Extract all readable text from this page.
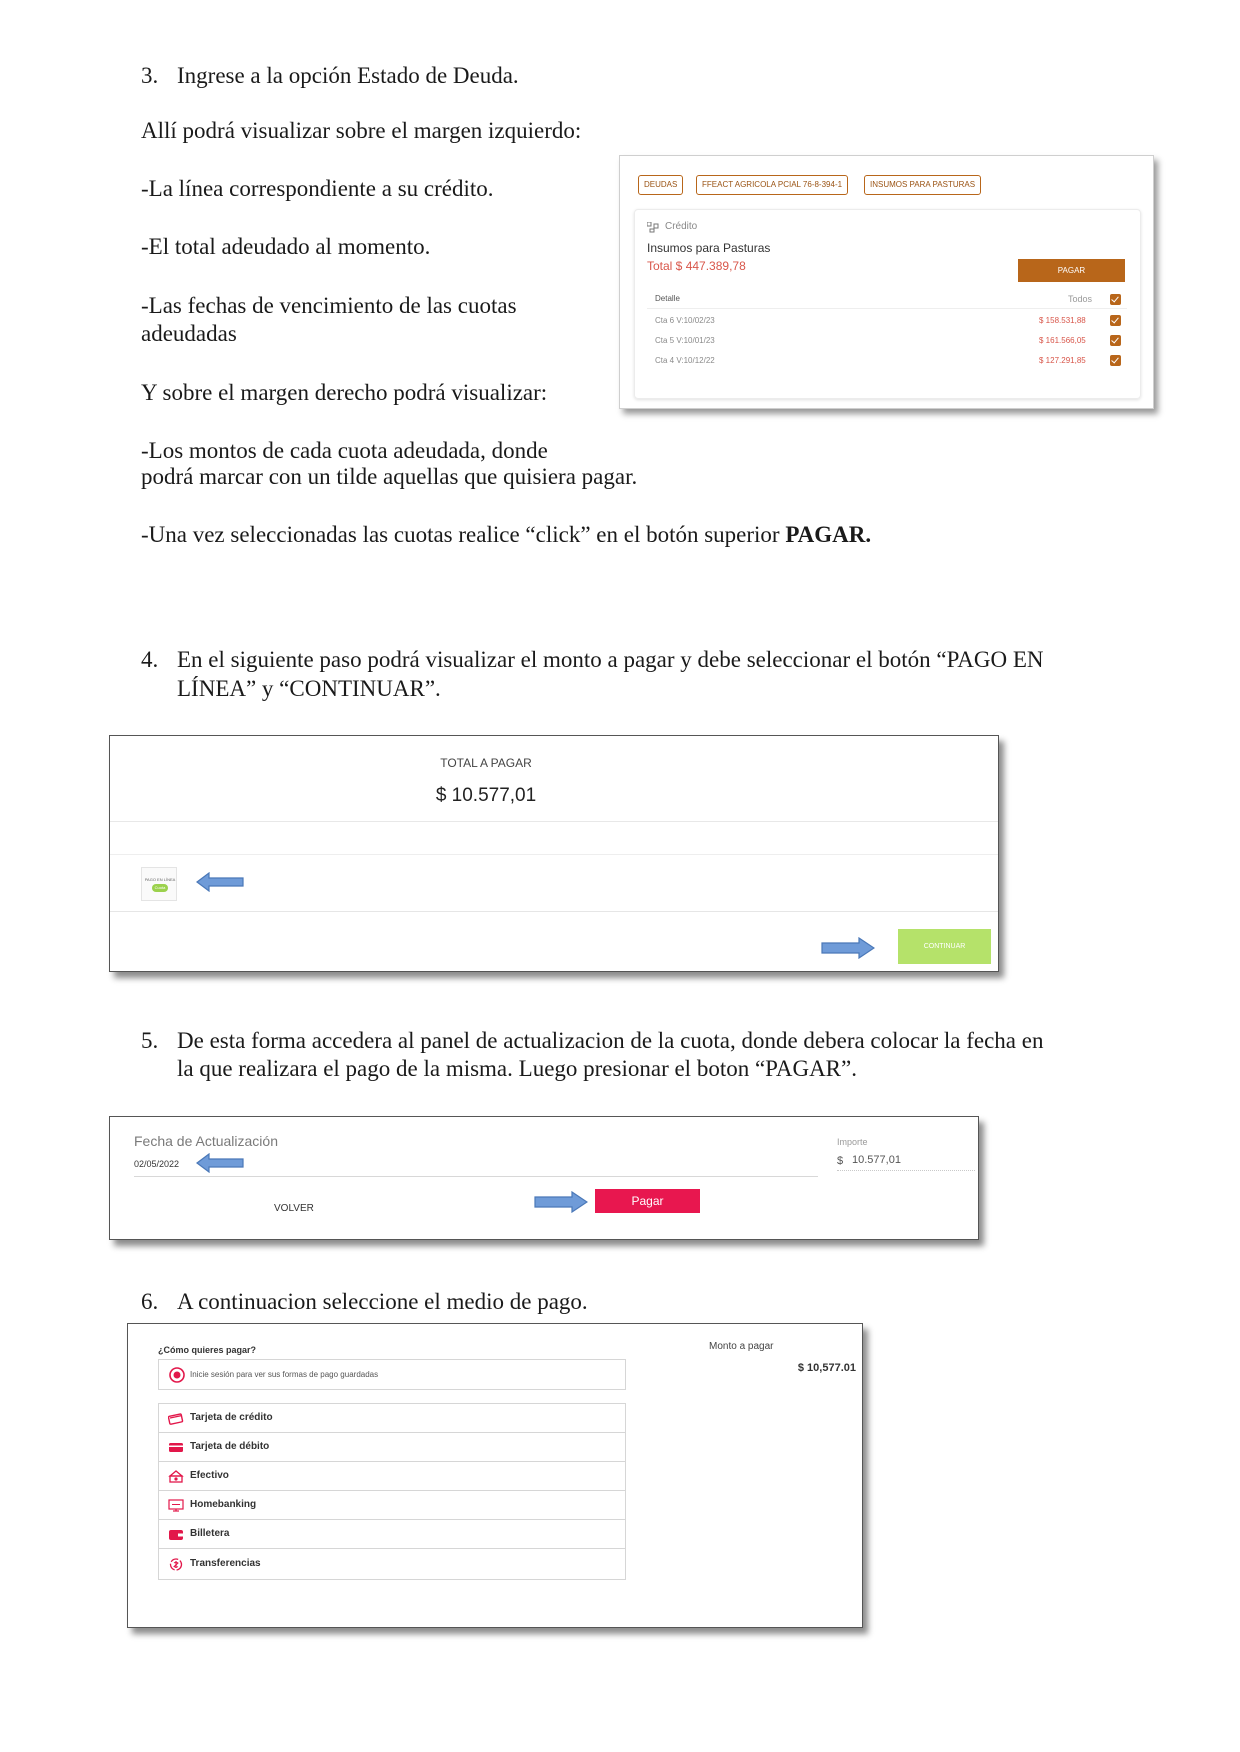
3. Ingrese a la opción Estado de Deuda.
Allí podrá visualizar sobre el margen izquierdo:
-La línea correspondiente a su crédito.
-El total adeudado al momento.
-Las fechas de vencimiento de las cuotas
adeudadas
Y sobre el margen derecho podrá visualizar:
-Los montos de cada cuota adeudada, donde
podrá marcar con un tilde aquellas que quisiera pagar.
-Una vez seleccionadas las cuotas realice “click” en el botón superior PAGAR.
DEUDAS	FFEACT AGRICOLA PCIAL 76-8-394-1	INSUMOS PARA PASTURAS
Crédito
Insumos para Pasturas
Total $ 447.389,78	PAGAR
Detalle	Todos
Cta 6 V:10/02/23	$ 158.531,88
Cta 5 V:10/01/23	$ 161.566,05
Cta 4 V:10/12/22	$ 127.291,85
4. En el siguiente paso podrá visualizar el monto a pagar y debe seleccionar el botón “PAGO EN
LÍNEA” y “CONTINUAR”.
TOTAL A PAGAR
$ 10.577,01
PAGO EN LÍNEA
Cuota
CONTINUAR
5. De esta forma accedera al panel de actualizacion de la cuota, donde debera colocar la fecha en
la que realizara el pago de la misma. Luego presionar el boton “PAGAR”.
Fecha de Actualización
02/05/2022
Importe
$ 10.577,01
VOLVER
Pagar
6. A continuacion seleccione el medio de pago.
¿Cómo quieres pagar?
Inicie sesión para ver sus formas de pago guardadas
Monto a pagar
$ 10,577.01
Tarjeta de crédito
Tarjeta de débito
Efectivo
Homebanking
Billetera
Transferencias
